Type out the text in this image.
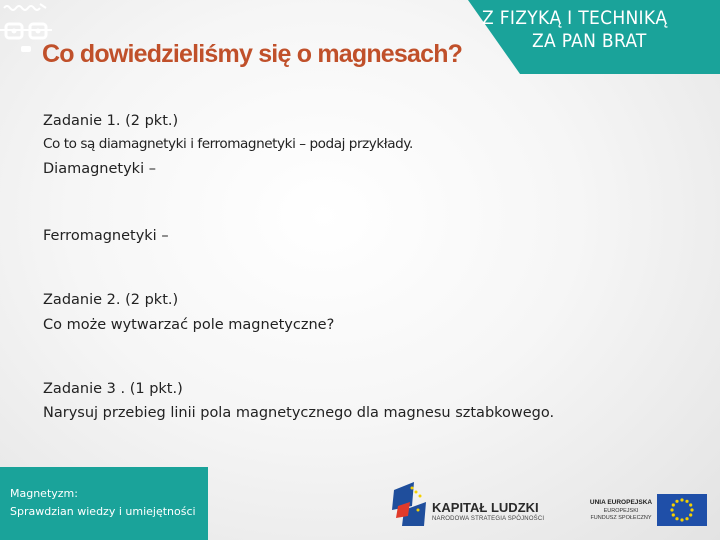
Z FIZYKĄ I TECHNIKĄ
ZA PAN BRAT
Co dowiedzieliśmy się o magnesach?
Zadanie 1. (2 pkt.)
Co to są diamagnetyki i ferromagnetyki – podaj przykłady.
Diamagnetyki –
Ferromagnetyki –
Zadanie 2. (2 pkt.)
Co może wytwarzać pole magnetyczne?
Zadanie 3 . (1 pkt.)
Narysuj przebieg linii pola magnetycznego dla magnesu sztabkowego.
Magnetyzm:
Sprawdzian wiedzy i umiejętności	KAPITAŁ LUDZKI
NARODOWA STRATEGIA SPÓJNOŚCI
UNIA EUROPEJSKA
EUROPEJSKI
FUNDUSZ SPOŁECZNY
